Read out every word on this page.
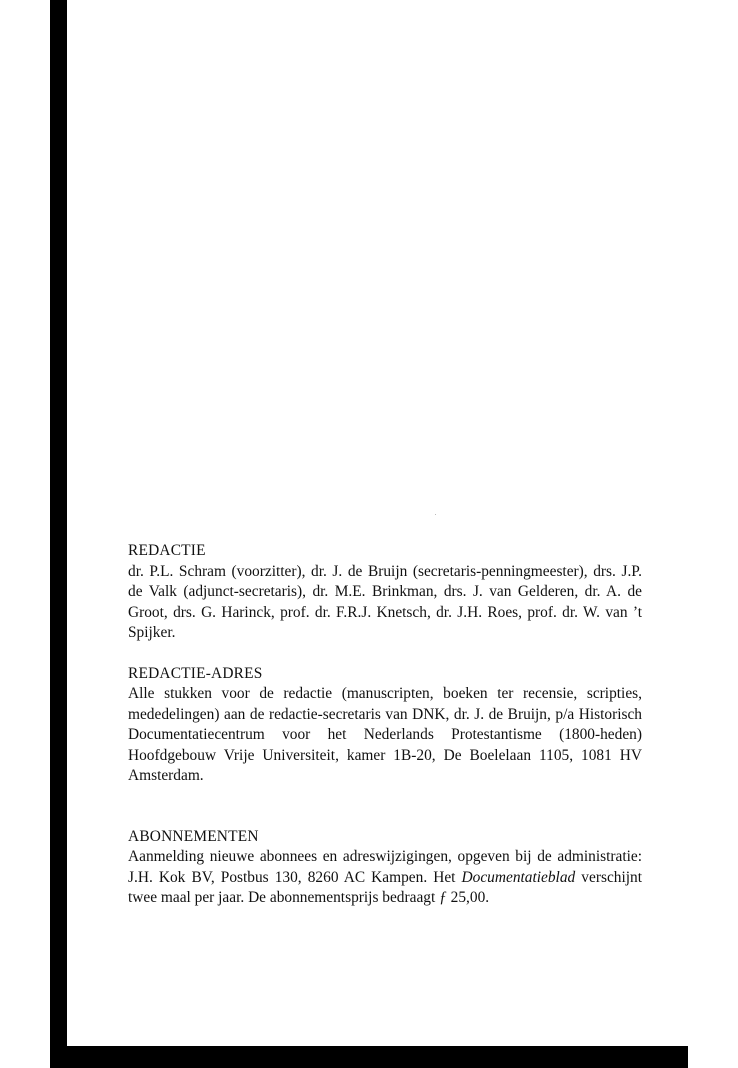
REDACTIE
dr. P.L. Schram (voorzitter), dr. J. de Bruijn (secretaris-penningmeester), drs. J.P. de Valk (adjunct-secretaris), dr. M.E. Brinkman, drs. J. van Gelderen, dr. A. de Groot, drs. G. Harinck, prof. dr. F.R.J. Knetsch, dr. J.H. Roes, prof. dr. W. van ’t Spijker.
REDACTIE-ADRES
Alle stukken voor de redactie (manuscripten, boeken ter recensie, scripties, mededelingen) aan de redactie-secretaris van DNK, dr. J. de Bruijn, p/a Historisch Documentatiecentrum voor het Nederlands Protestantisme (1800-heden) Hoofdgebouw Vrije Universiteit, kamer 1B-20, De Boelelaan 1105, 1081 HV Amsterdam.
ABONNEMENTEN
Aanmelding nieuwe abonnees en adreswijzigingen, opgeven bij de administratie: J.H. Kok BV, Postbus 130, 8260 AC Kampen. Het Documentatieblad verschijnt twee maal per jaar. De abonnementsprijs bedraagt ƒ 25,00.
